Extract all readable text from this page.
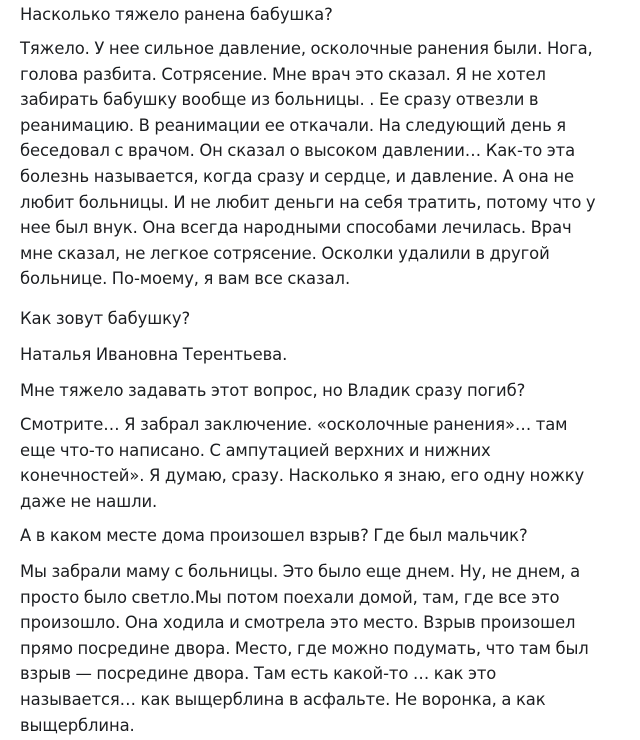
Насколько тяжело ранена бабушка?
Тяжело. У нее сильное давление, осколочные ранения были. Нога,
голова разбита. Сотрясение. Мне врач это сказал. Я не хотел
забирать бабушку вообще из больницы. . Ее сразу отвезли в
реанимацию. В реанимации ее откачали. На следующий день я
беседовал с врачом. Он сказал о высоком давлении… Как-то эта
болезнь называется, когда сразу и сердце, и давление. А она не
любит больницы. И не любит деньги на себя тратить, потому что у
нее был внук. Она всегда народными способами лечилась. Врач
мне сказал, не легкое сотрясение. Осколки удалили в другой
больнице. По-моему, я вам все сказал.
Как зовут бабушку?
Наталья Ивановна Терентьева.
Мне тяжело задавать этот вопрос, но Владик сразу погиб?
Смотрите… Я забрал заключение. «осколочные ранения»… там
еще что-то написано. С ампутацией верхних и нижних
конечностей». Я думаю, сразу. Насколько я знаю, его одну ножку
даже не нашли.
А в каком месте дома произошел взрыв? Где был мальчик?
Мы забрали маму с больницы. Это было еще днем. Ну, не днем, а
просто было светло.Мы потом поехали домой, там, где все это
произошло. Она ходила и смотрела это место. Взрыв произошел
прямо посредине двора. Место, где можно подумать, что там был
взрыв — посредине двора. Там есть какой-то … как это
называется… как выщерблина в асфальте. Не воронка, а как
выщерблина.
